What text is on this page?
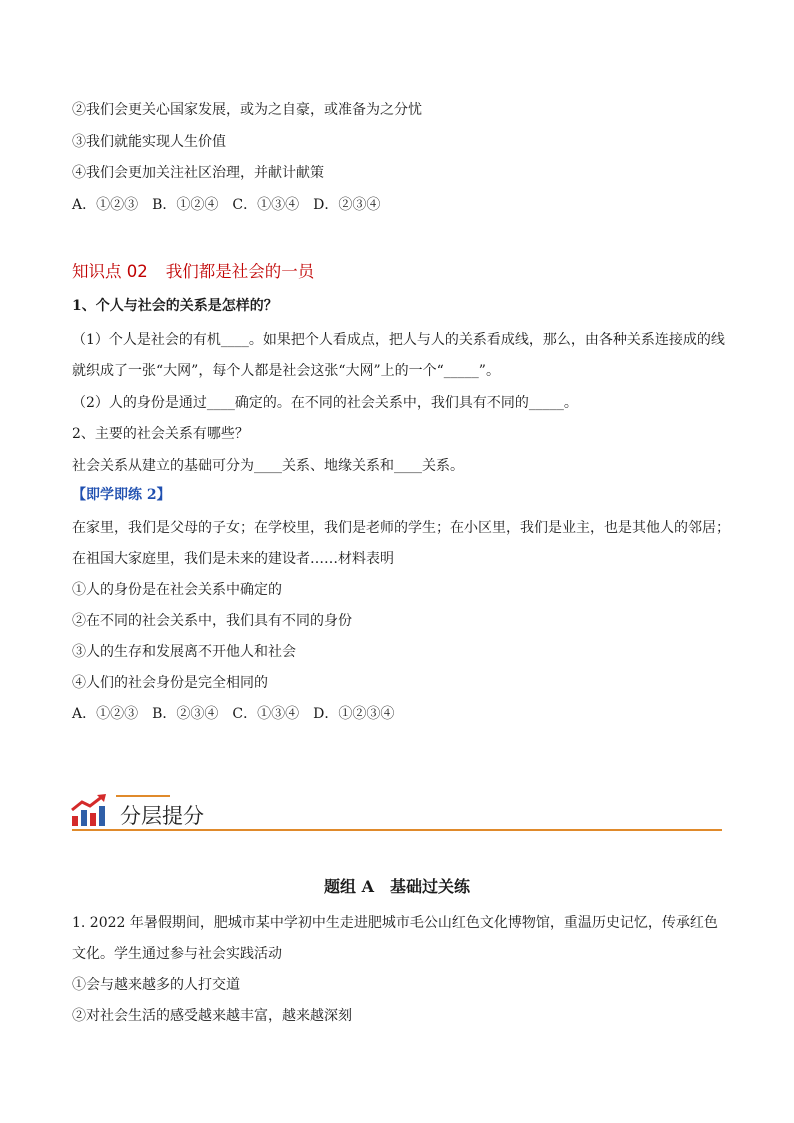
②我们会更关心国家发展，或为之自豪，或准备为之分忧
③我们就能实现人生价值
④我们会更加关注社区治理，并献计献策
A．①②③　B．①②④　C．①③④　D．②③④
知识点 02 我们都是社会的一员
1、个人与社会的关系是怎样的？
（1）个人是社会的有机____。如果把个人看成点，把人与人的关系看成线，那么，由各种关系连接成的线
就织成了一张“大网”，每个人都是社会这张“大网”上的一个“_____”。
（2）人的身份是通过____确定的。在不同的社会关系中，我们具有不同的_____。
2、主要的社会关系有哪些？
社会关系从建立的基础可分为____关系、地缘关系和____关系。
【即学即练 2】
在家里，我们是父母的子女；在学校里，我们是老师的学生；在小区里，我们是业主，也是其他人的邻居；
在祖国大家庭里，我们是未来的建设者……材料表明
①人的身份是在社会关系中确定的
②在不同的社会关系中，我们具有不同的身份
③人的生存和发展离不开他人和社会
④人们的社会身份是完全相同的
A．①②③　B．②③④　C．①③④　D．①②③④
分层提分
题组 A　基础过关练
1. 2022 年暑假期间，肥城市某中学初中生走进肥城市毛公山红色文化博物馆，重温历史记忆，传承红色
文化。学生通过参与社会实践活动
①会与越来越多的人打交道
②对社会生活的感受越来越丰富，越来越深刻
